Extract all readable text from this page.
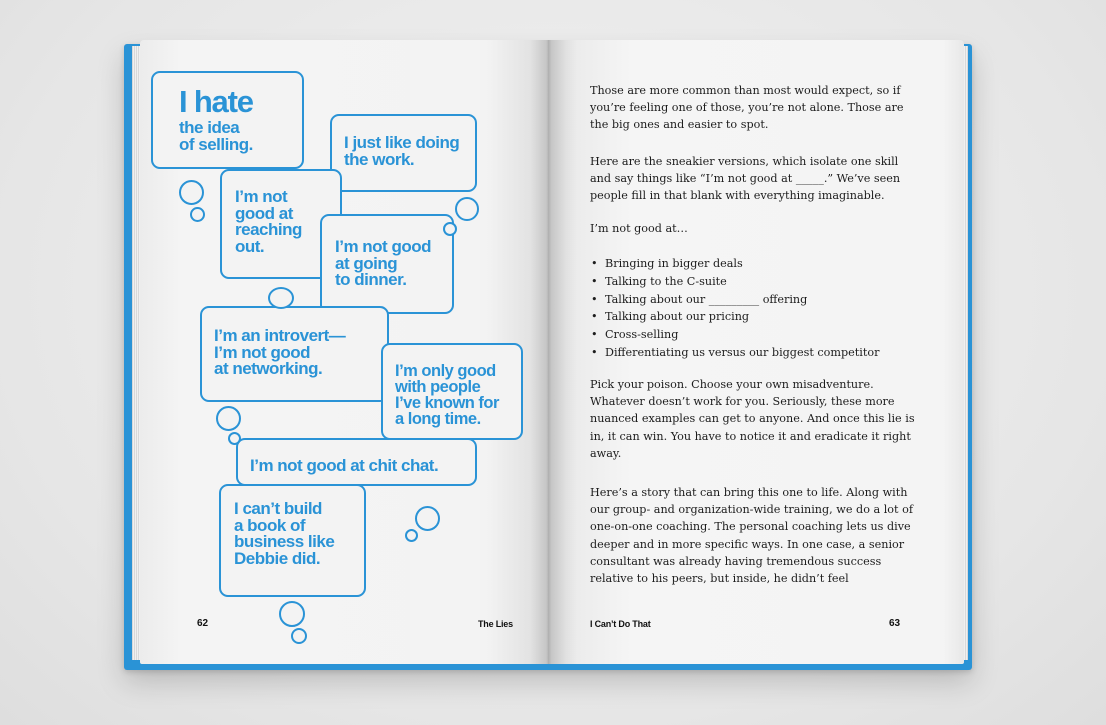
I hate
the idea
of selling.	I just like doing
the work.
I’m not
good at
reaching
out.	I’m not good
at going
to dinner.
I’m an introvert—
I’m not good
at networking.	I’m only good
with people
I’ve known for
a long time.
I’m not good at chit chat.
I can’t build
a book of
business like
Debbie did.
62	The Lies
Those are more common than most would expect, so if you’re feeling one of those, you’re not alone. Those are the big ones and easier to spot.
Here are the sneakier versions, which isolate one skill and say things like “I’m not good at _____.” We’ve seen people fill in that blank with everything imaginable.
I’m not good at…
• Bringing in bigger deals
• Talking to the C-suite
• Talking about our _________ offering
• Talking about our pricing
• Cross-selling
• Differentiating us versus our biggest competitor
Pick your poison. Choose your own misadventure. Whatever doesn’t work for you. Seriously, these more nuanced examples can get to anyone. And once this lie is in, it can win. You have to notice it and eradicate it right away.
Here’s a story that can bring this one to life. Along with our group- and organization-wide training, we do a lot of one-on-one coaching. The personal coaching lets us dive deeper and in more specific ways. In one case, a senior consultant was already having tremendous success relative to his peers, but inside, he didn’t feel
I Can’t Do That	63
